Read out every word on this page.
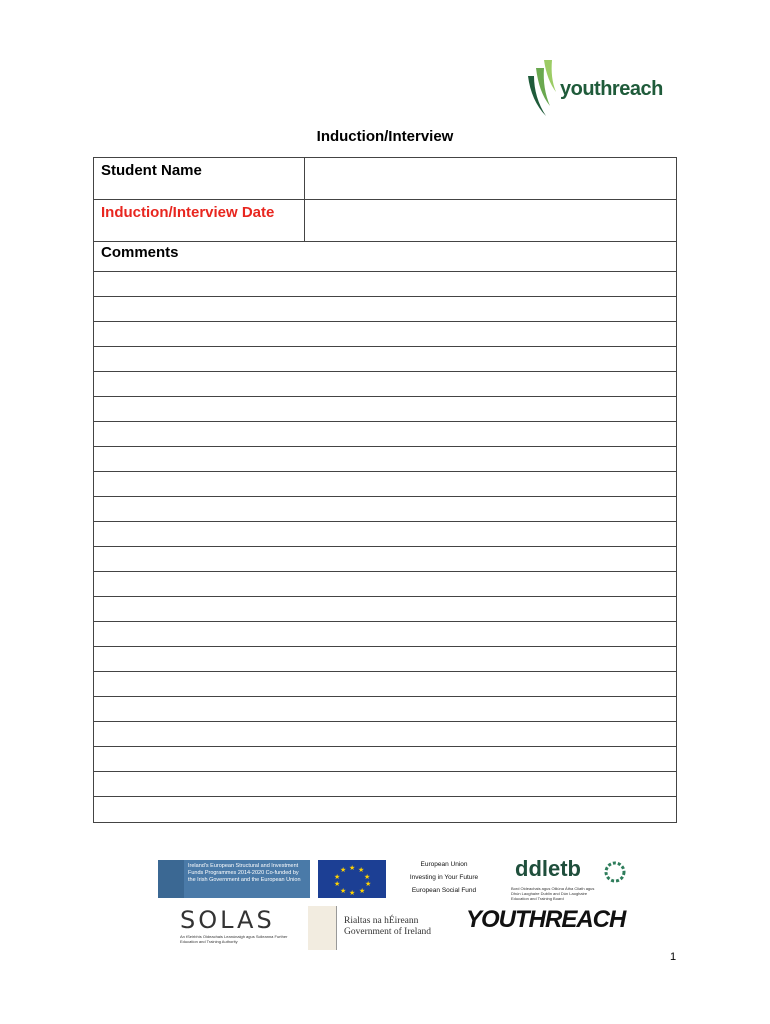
youthreach
Induction/Interview
Student Name
Induction/Interview Date
Comments
Ireland's European Structural and Investment Funds Programmes 2014-2020 Co-funded by the Irish Government and the European Union
★ ★
★
★
★
★
★
★
★
★
European Union
Investing in Your Future
European Social Fund
ddletb
Bord Oideachais agus Oiliúna Átha Cliath agus Dhún Laoghaire Dublin and Dún Laoghaire Education and Training Board
SOLAS
An tSeirbhís Oideachais Leanúnaigh agus Scileanna Further Education and Training Authority
Rialtas na hÉireann
Government of Ireland YOUTHREACH
1
